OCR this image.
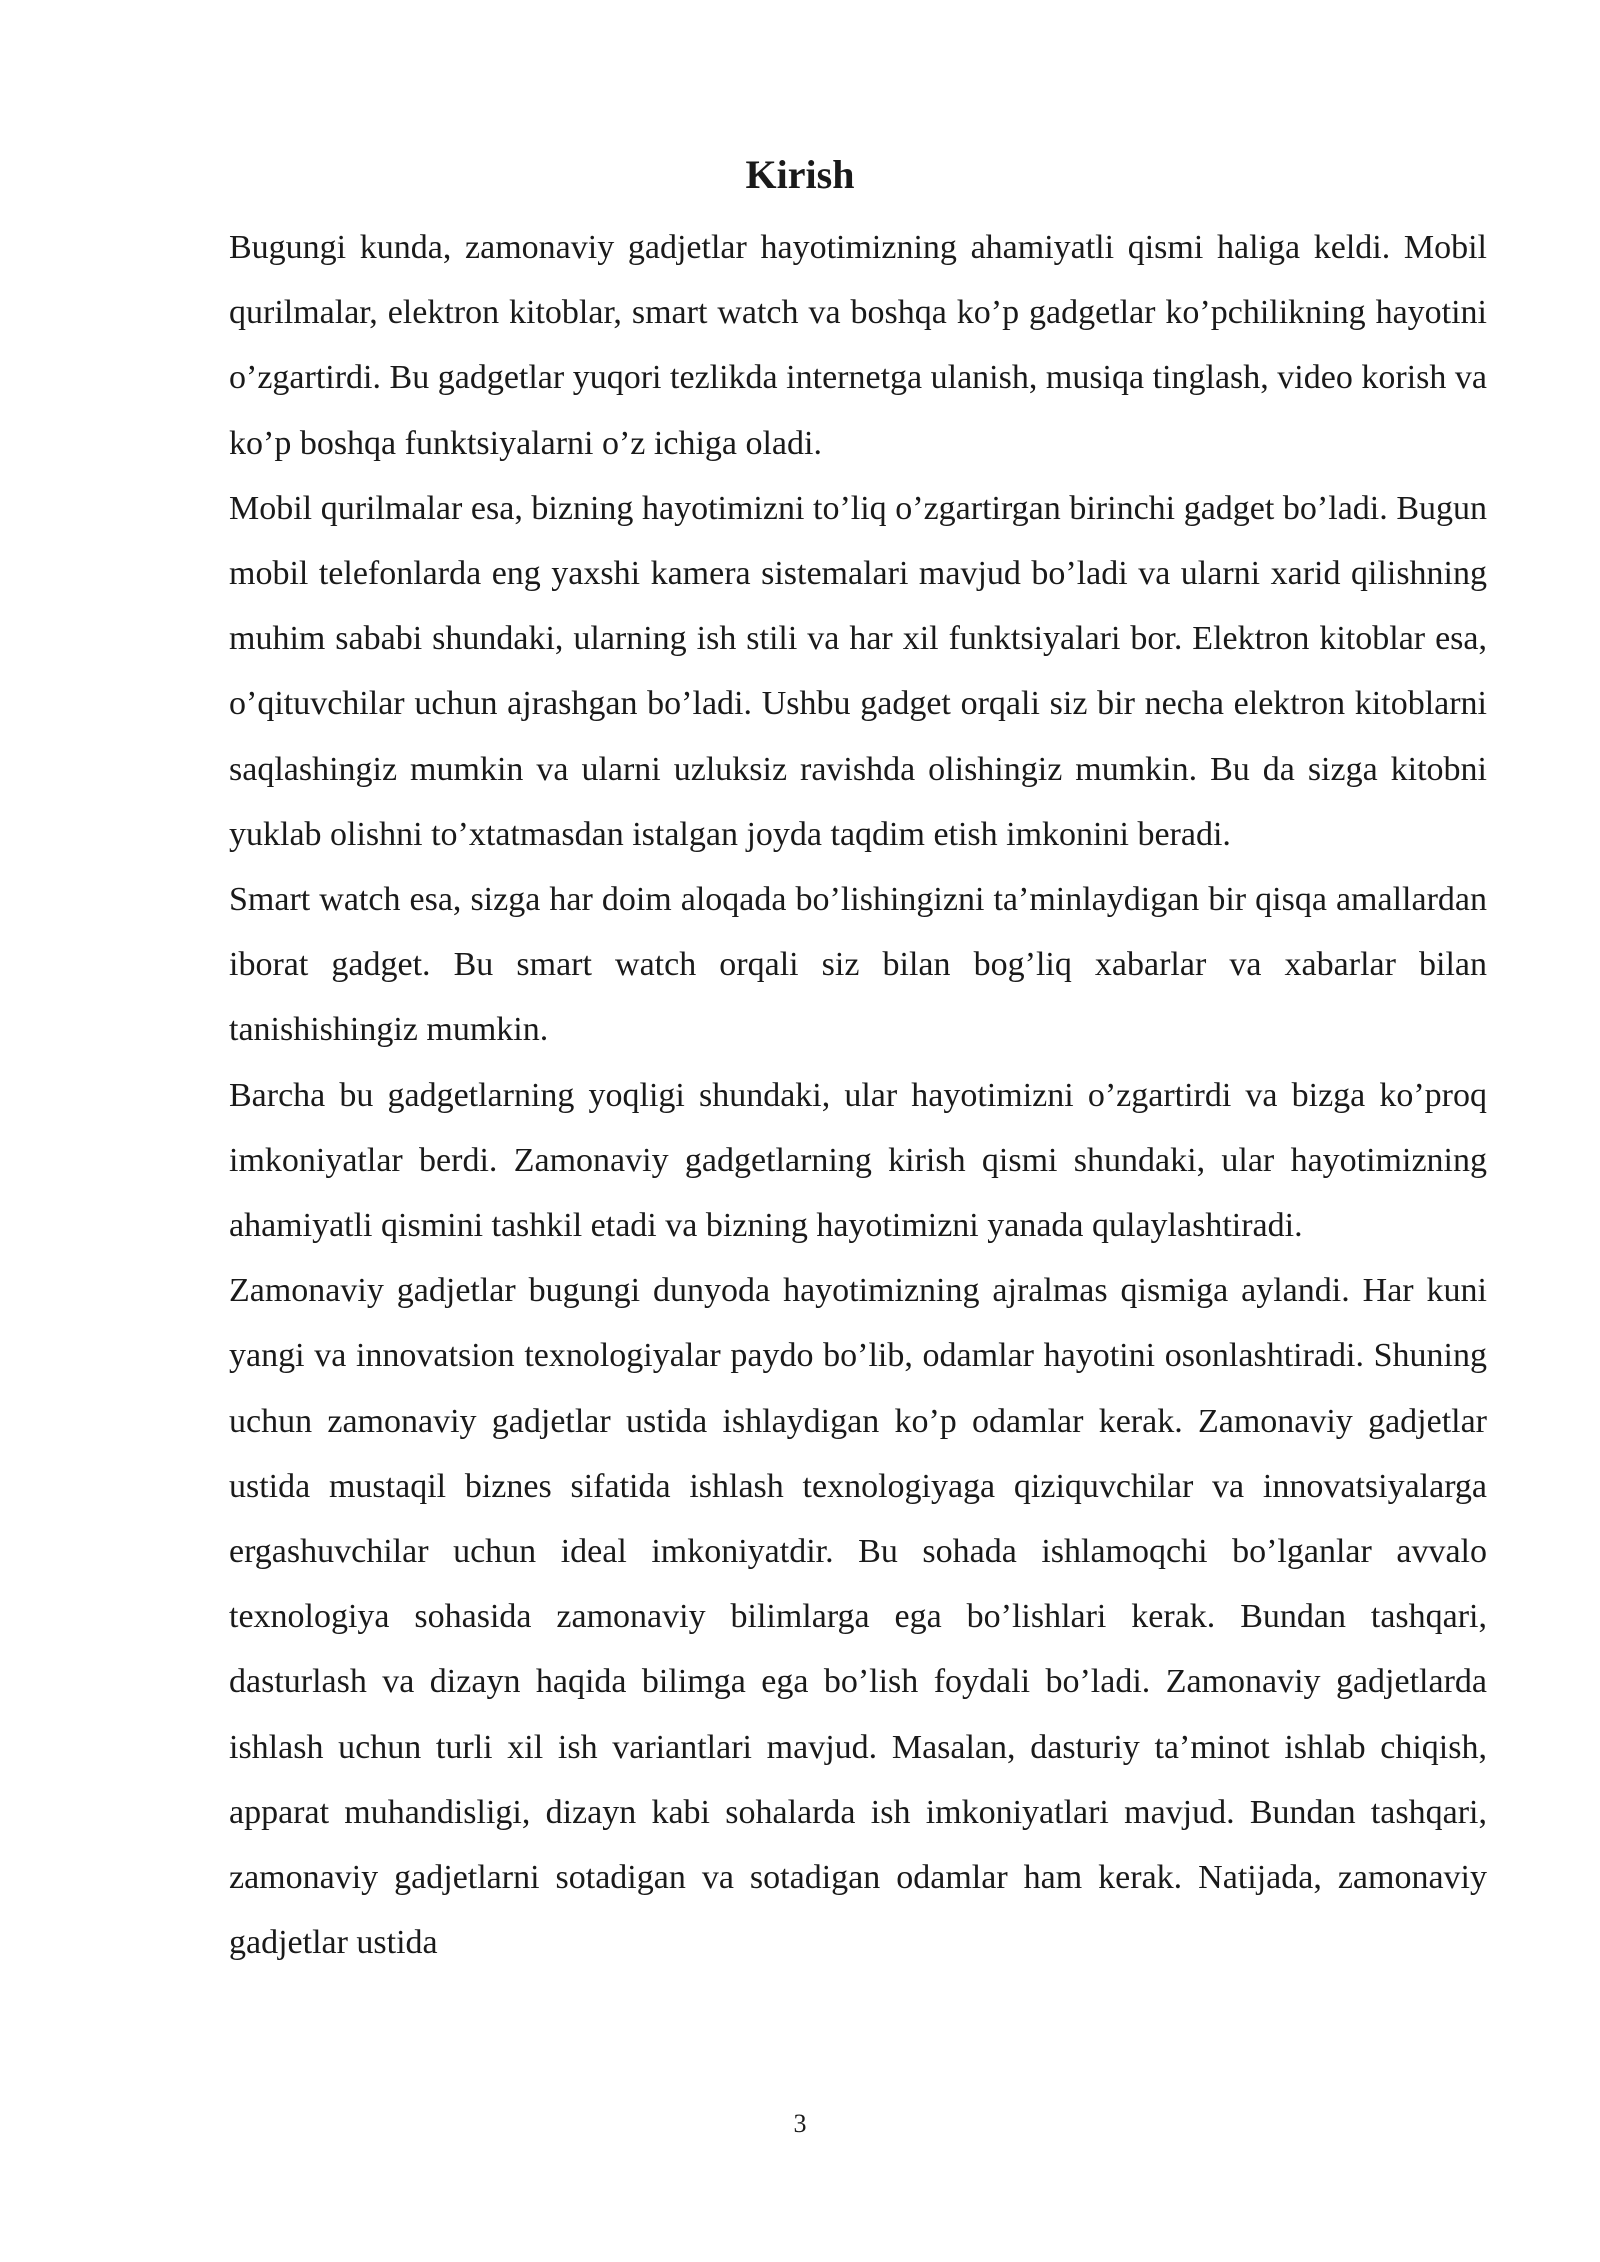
Kirish

Bugungi kunda, zamonaviy gadjetlar hayotimizning ahamiyatli qismi haliga keldi. Mobil qurilmalar, elektron kitoblar, smart watch va boshqa ko’p gadgetlar ko’pchilikning hayotini o’zgartirdi. Bu gadgetlar yuqori tezlikda internetga ulanish, musiqa tinglash, video korish va ko’p boshqa funktsiyalarni o’z ichiga oladi.

Mobil qurilmalar esa, bizning hayotimizni to’liq o’zgartirgan birinchi gadget bo’ladi. Bugun mobil telefonlarda eng yaxshi kamera sistemalari mavjud bo’ladi va ularni xarid qilishning muhim sababi shundaki, ularning ish stili va har xil funktsiyalari bor. Elektron kitoblar esa, o’qituvchilar uchun ajrashgan bo’ladi. Ushbu gadget orqali siz bir necha elektron kitoblarni saqlashingiz mumkin va ularni uzluksiz ravishda olishingiz mumkin. Bu da sizga kitobni yuklab olishni to’xtatmasdan istalgan joyda taqdim etish imkonini beradi.

Smart watch esa, sizga har doim aloqada bo’lishingizni ta’minlaydigan bir qisqa amallardan iborat gadget. Bu smart watch orqali siz bilan bog’liq xabarlar va xabarlar bilan tanishishingiz mumkin.

Barcha bu gadgetlarning yoqligi shundaki, ular hayotimizni o’zgartirdi va bizga ko’proq imkoniyatlar berdi. Zamonaviy gadgetlarning kirish qismi shundaki, ular hayotimizning ahamiyatli qismini tashkil etadi va bizning hayotimizni yanada qulaylashtiradi.

Zamonaviy gadjetlar bugungi dunyoda hayotimizning ajralmas qismiga aylandi. Har kuni yangi va innovatsion texnologiyalar paydo bo’lib, odamlar hayotini osonlashtiradi. Shuning uchun zamonaviy gadjetlar ustida ishlaydigan ko’p odamlar kerak. Zamonaviy gadjetlar ustida mustaqil biznes sifatida ishlash texnologiyaga qiziquvchilar va innovatsiyalarga ergashuvchilar uchun ideal imkoniyatdir. Bu sohada ishlamoqchi bo’lganlar avvalo texnologiya sohasida zamonaviy bilimlarga ega bo’lishlari kerak. Bundan tashqari, dasturlash va dizayn haqida bilimga ega bo’lish foydali bo’ladi. Zamonaviy gadjetlarda ishlash uchun turli xil ish variantlari mavjud. Masalan, dasturiy ta’minot ishlab chiqish, apparat muhandisligi, dizayn kabi sohalarda ish imkoniyatlari mavjud. Bundan tashqari, zamonaviy gadjetlarni sotadigan va sotadigan odamlar ham kerak. Natijada, zamonaviy gadjetlar ustida

3
